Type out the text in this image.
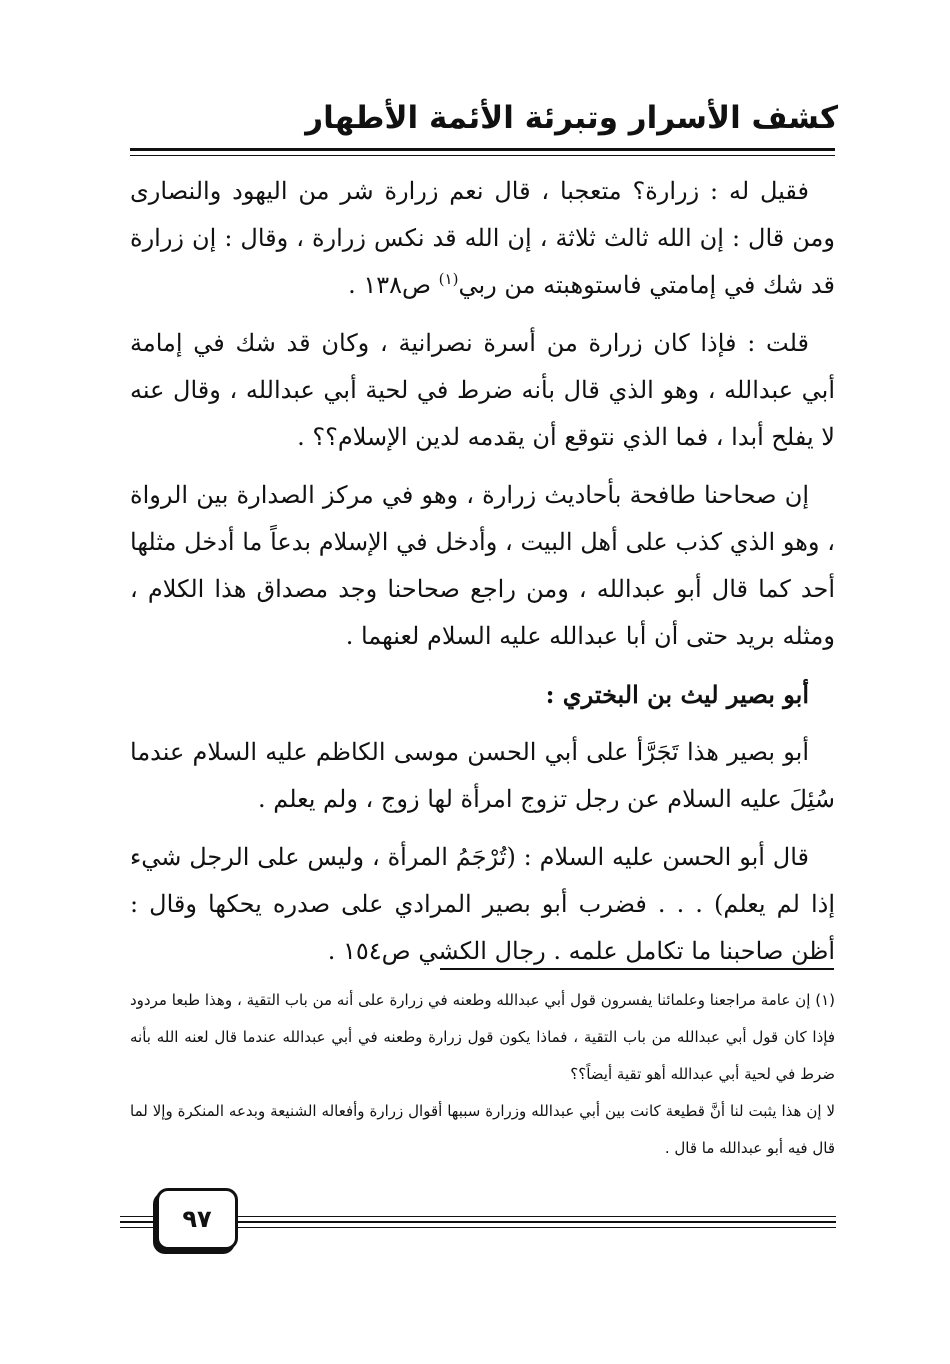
كشف الأسرار وتبرئة الأئمة الأطهار

فقيل له : زرارة؟ متعجبا ، قال نعم زرارة شر من اليهود والنصارى ومن قال : إن الله ثالث ثلاثة ، إن الله قد نكس زرارة ، وقال : إن زرارة قد شك في إمامتي فاستوهبته من ربي$^{(١)}$ ص١٣٨ .

قلت : فإذا كان زرارة من أسرة نصرانية ، وكان قد شك في إمامة أبي عبدالله ، وهو الذي قال بأنه ضرط في لحية أبي عبدالله ، وقال عنه لا يفلح أبدا ، فما الذي نتوقع أن يقدمه لدين الإسلام؟؟ .

إن صحاحنا طافحة بأحاديث زرارة ، وهو في مركز الصدارة بين الرواة ، وهو الذي كذب على أهل البيت ، وأدخل في الإسلام بدعاً ما أدخل مثلها أحد كما قال أبو عبدالله ، ومن راجع صحاحنا وجد مصداق هذا الكلام ، ومثله بريد حتى أن أبا عبدالله عليه السلام لعنهما .

أبو بصير ليث بن البختري :

أبو بصير هذا تَجَرَّأ على أبي الحسن موسى الكاظم عليه السلام عندما سُئِلَ عليه السلام عن رجل تزوج امرأة لها زوج ، ولم يعلم .

قال أبو الحسن عليه السلام : (تُرْجَمُ المرأة ، وليس على الرجل شيء إذا لم يعلم) . . . فضرب أبو بصير المرادي على صدره يحكها وقال : أظن صاحبنا ما تكامل علمه . رجال الكشي ص١٥٤ .

(١) إن عامة مراجعنا وعلمائنا يفسرون قول أبي عبدالله وطعنه في زرارة على أنه من باب التقية ، وهذا طبعا مردود فإذا كان قول أبي عبدالله من باب التقية ، فماذا يكون قول زرارة وطعنه في أبي عبدالله عندما قال لعنه الله بأنه ضرط في لحية أبي عبدالله أهو تقية أيضاً؟؟

لا إن هذا يثبت لنا أنَّ قطيعة كانت بين أبي عبدالله وزرارة سببها أقوال زرارة وأفعاله الشنيعة وبدعه المنكرة وإلا لما قال فيه أبو عبدالله ما قال .

٩٧
